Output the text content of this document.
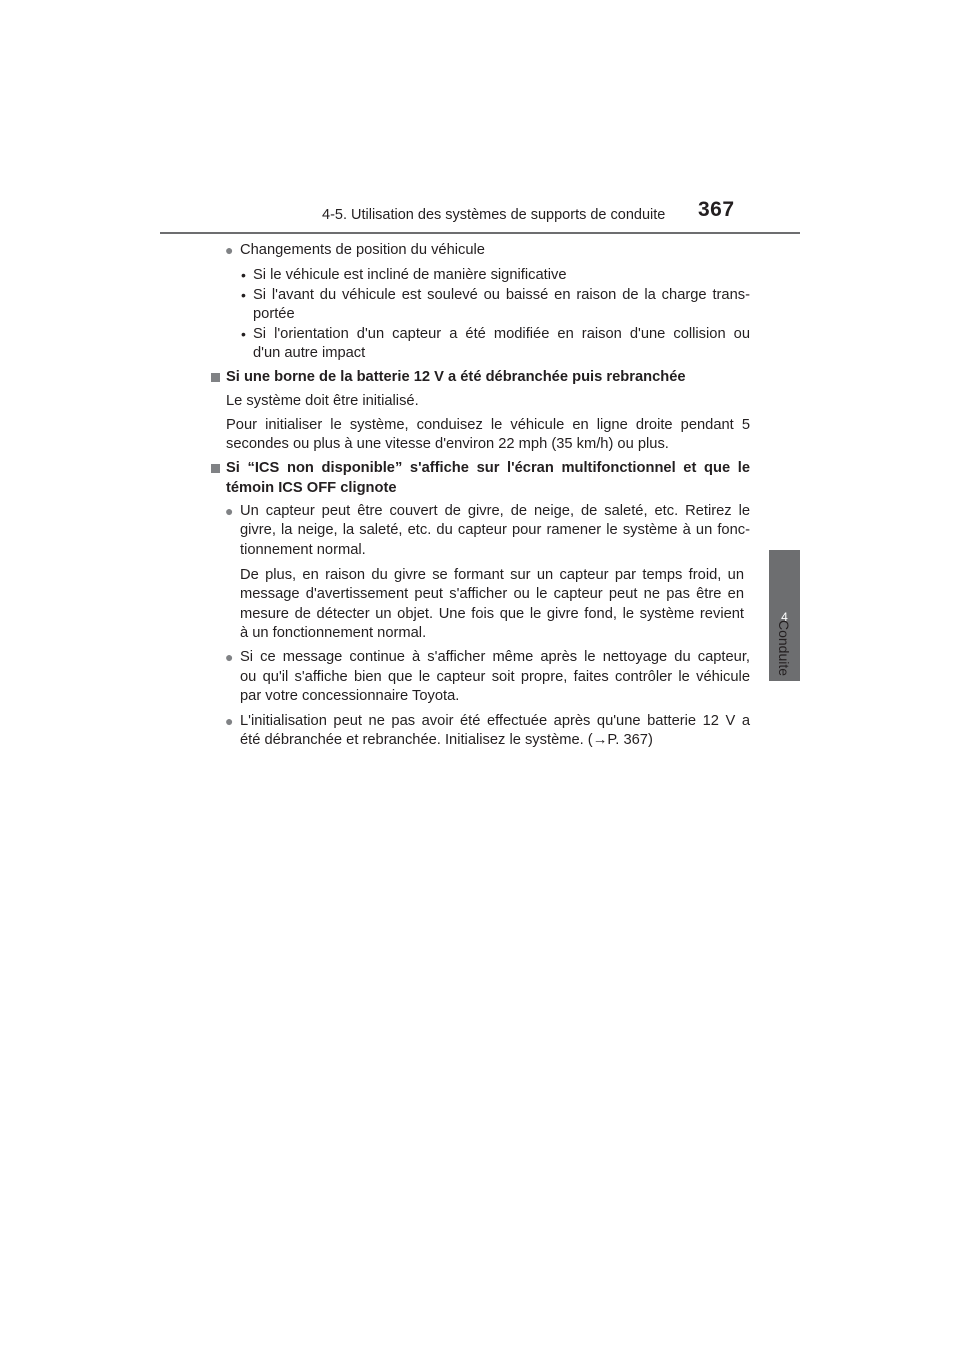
4-5. Utilisation des systèmes de supports de conduite 367
4
Conduite
● Changements de position du véhicule
• Si le véhicule est incliné de manière significative
• Si l'avant du véhicule est soulevé ou baissé en raison de la charge trans-
portée
• Si l'orientation d'un capteur a été modifiée en raison d'une collision ou
d'un autre impact
Si une borne de la batterie 12 V a été débranchée puis rebranchée
Le système doit être initialisé.
Pour initialiser le système, conduisez le véhicule en ligne droite pendant 5
secondes ou plus à une vitesse d'environ 22 mph (35 km/h) ou plus.
Si “ICS non disponible” s'affiche sur l'écran multifonctionnel et que le
témoin ICS OFF clignote
● Un capteur peut être couvert de givre, de neige, de saleté, etc. Retirez le
givre, la neige, la saleté, etc. du capteur pour ramener le système à un fonc-
tionnement normal.
De plus, en raison du givre se formant sur un capteur par temps froid, un
message d'avertissement peut s'afficher ou le capteur peut ne pas être en
mesure de détecter un objet. Une fois que le givre fond, le système revient
à un fonctionnement normal.
● Si ce message continue à s'afficher même après le nettoyage du capteur,
ou qu'il s'affiche bien que le capteur soit propre, faites contrôler le véhicule
par votre concessionnaire Toyota.
● L'initialisation peut ne pas avoir été effectuée après qu'une batterie 12 V a
été débranchée et rebranchée. Initialisez le système. (→P. 367)
